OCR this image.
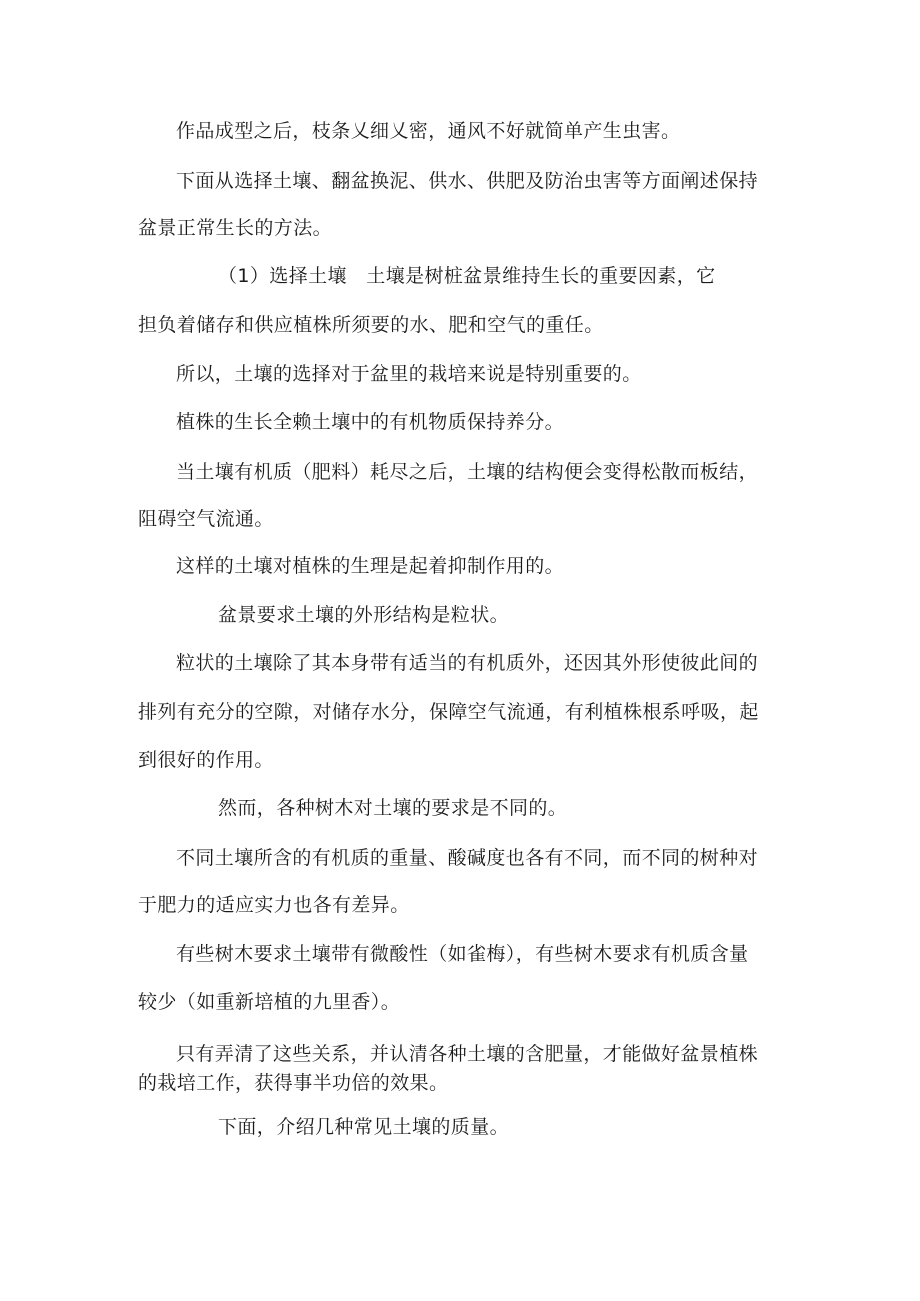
作品成型之后，枝条乂细乂密，通风不好就简单产生虫害。
下面从选择土壤、翻盆换泥、供水、供肥及防治虫害等方面阐述保持
盆景正常生长的方法。
（1）选择土壤　土壤是树桩盆景维持生长的重要因素，它
担负着储存和供应植株所须要的水、肥和空气的重任。
所以，土壤的选择对于盆里的栽培来说是特别重要的。
植株的生长全赖土壤中的有机物质保持养分。
当土壤有机质（肥料）耗尽之后，土壤的结构便会变得松散而板结，
阻碍空气流通。
这样的土壤对植株的生理是起着抑制作用的。
盆景要求土壤的外形结构是粒状。
粒状的土壤除了其本身带有适当的有机质外，还因其外形使彼此间的
排列有充分的空隙，对储存水分，保障空气流通，有利植株根系呼吸，起
到很好的作用。
然而，各种树木对土壤的要求是不同的。
不同土壤所含的有机质的重量、酸碱度也各有不同，而不同的树种对
于肥力的适应实力也各有差异。
有些树木要求土壤带有微酸性（如雀梅），有些树木要求有机质含量
较少（如重新培植的九里香）。
只有弄清了这些关系，并认清各种土壤的含肥量，才能做好盆景植株
的栽培工作，获得事半功倍的效果。
下面，介绍几种常见土壤的质量。
